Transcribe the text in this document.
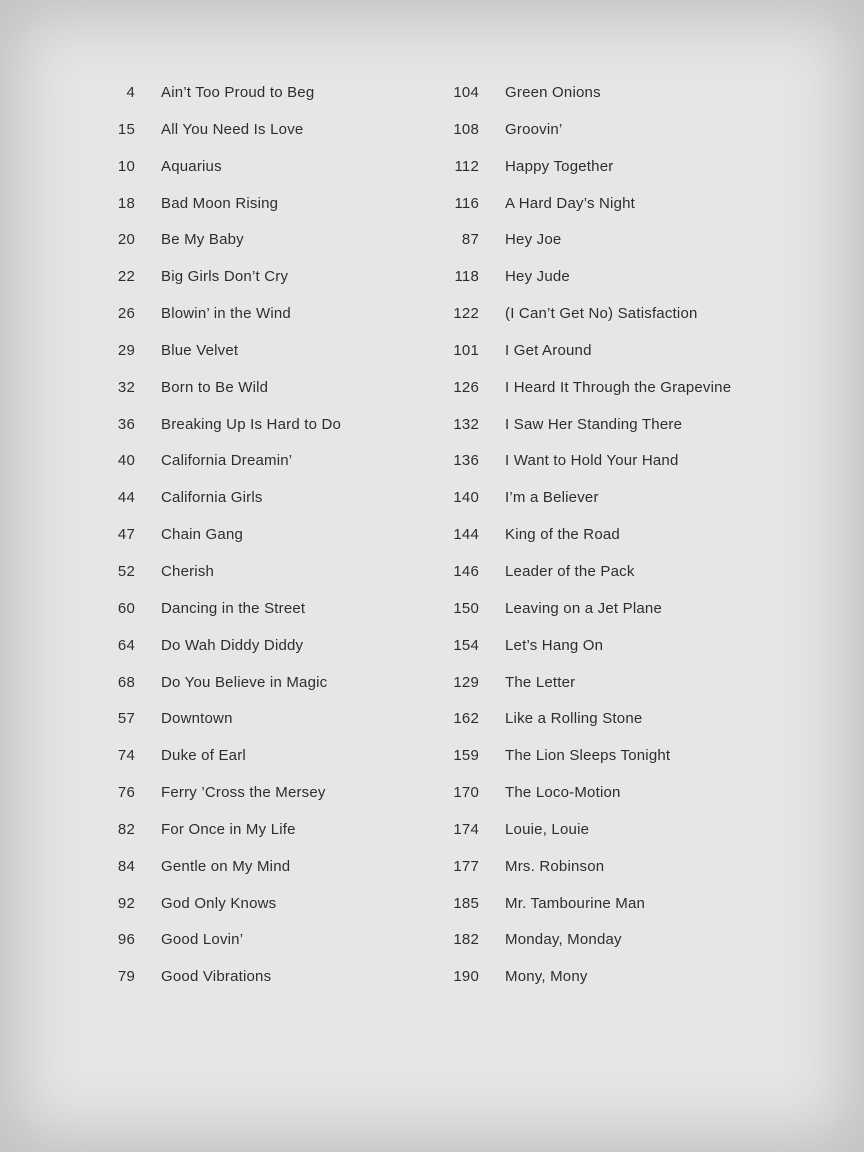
4 Ain’t Too Proud to Beg
15 All You Need Is Love
10 Aquarius
18 Bad Moon Rising
20 Be My Baby
22 Big Girls Don’t Cry
26 Blowin’ in the Wind
29 Blue Velvet
32 Born to Be Wild
36 Breaking Up Is Hard to Do
40 California Dreamin’
44 California Girls
47 Chain Gang
52 Cherish
60 Dancing in the Street
64 Do Wah Diddy Diddy
68 Do You Believe in Magic
57 Downtown
74 Duke of Earl
76 Ferry ’Cross the Mersey
82 For Once in My Life
84 Gentle on My Mind
92 God Only Knows
96 Good Lovin’
79 Good Vibrations
104 Green Onions
108 Groovin’
112 Happy Together
116 A Hard Day’s Night
87 Hey Joe
118 Hey Jude
122 (I Can’t Get No) Satisfaction
101 I Get Around
126 I Heard It Through the Grapevine
132 I Saw Her Standing There
136 I Want to Hold Your Hand
140 I’m a Believer
144 King of the Road
146 Leader of the Pack
150 Leaving on a Jet Plane
154 Let’s Hang On
129 The Letter
162 Like a Rolling Stone
159 The Lion Sleeps Tonight
170 The Loco-Motion
174 Louie, Louie
177 Mrs. Robinson
185 Mr. Tambourine Man
182 Monday, Monday
190 Mony, Mony
